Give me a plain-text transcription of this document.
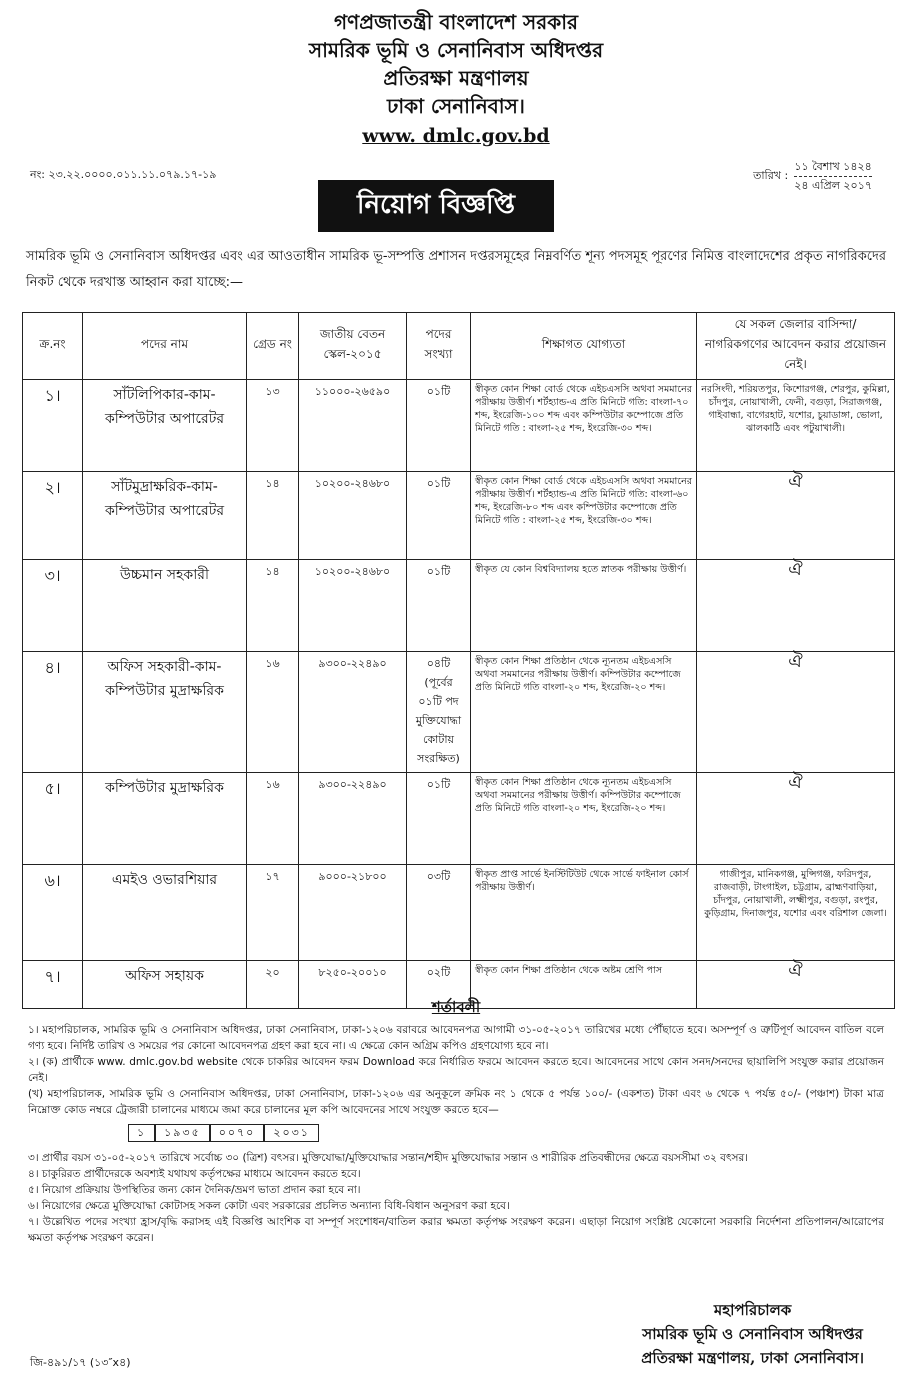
গণপ্রজাতন্ত্রী বাংলাদেশ সরকার
সামরিক ভূমি ও সেনানিবাস অধিদপ্তর
প্রতিরক্ষা মন্ত্রণালয়
ঢাকা সেনানিবাস।
www. dmlc.gov.bd
নং: ২৩.২২.০০০০.০১১.১১.০৭৯.১৭-১৯	তারিখ :
১১ বৈশাখ ১৪২৪
২৪ এপ্রিল ২০১৭
নিয়োগ বিজ্ঞপ্তি
সামরিক ভূমি ও সেনানিবাস অধিদপ্তর এবং এর আওতাধীন সামরিক ভূ-সম্পত্তি প্রশাসন দপ্তরসমূহের নিম্নবর্ণিত শূন্য পদসমূহ পূরণের নিমিত্ত বাংলাদেশের প্রকৃত নাগরিকদের নিকট থেকে দরখাস্ত আহ্বান করা যাচ্ছে:—
ক্র.নং	পদের নাম	গ্রেড নং	জাতীয় বেতন স্কেল-২০১৫	পদের সংখ্যা	শিক্ষাগত যোগ্যতা	যে সকল জেলার বাসিন্দা/ নাগরিকগণের আবেদন করার প্রয়োজন নেই।
১।	সাঁটলিপিকার-কাম-কম্পিউটার অপারেটর	১৩	১১০০০-২৬৫৯০	০১টি	স্বীকৃত কোন শিক্ষা বোর্ড থেকে এইচএসসি অথবা সমমানের পরীক্ষায় উত্তীর্ণ। শর্টহ্যান্ড-এ প্রতি মিনিটে গতি: বাংলা-৭০ শব্দ, ইংরেজি-১০০ শব্দ এবং কম্পিউটার কম্পোজে প্রতি মিনিটে গতি : বাংলা-২৫ শব্দ, ইংরেজি-৩০ শব্দ।	নরসিংদী, শরিয়তপুর, কিশোরগঞ্জ, শেরপুর, কুমিল্লা, চাঁদপুর, নোয়াখালী, ফেনী, বগুড়া, সিরাজগঞ্জ, গাইবান্ধা, বাগেরহাট, যশোর, চুয়াডাঙ্গা, ভোলা, ঝালকাঠি এবং পটুয়াখালী।
২।	সাঁটমুদ্রাক্ষরিক-কাম-কম্পিউটার অপারেটর	১৪	১০২০০-২৪৬৮০	০১টি	স্বীকৃত কোন শিক্ষা বোর্ড থেকে এইচএসসি অথবা সমমানের পরীক্ষায় উত্তীর্ণ। শর্টহ্যান্ড-এ প্রতি মিনিটে গতি: বাংলা-৬০ শব্দ, ইংরেজি-৮০ শব্দ এবং কম্পিউটার কম্পোজে প্রতি মিনিটে গতি : বাংলা-২৫ শব্দ, ইংরেজি-৩০ শব্দ।	ঐ
৩।	উচ্চমান সহকারী	১৪	১০২০০-২৪৬৮০	০১টি	স্বীকৃত যে কোন বিশ্ববিদ্যালয় হতে স্নাতক পরীক্ষায় উত্তীর্ণ।	ঐ
৪।	অফিস সহকারী-কাম-কম্পিউটার মুদ্রাক্ষরিক	১৬	৯৩০০-২২৪৯০	০৪টি (পূর্বের ০১টি পদ মুক্তিযোদ্ধা কোটায় সংরক্ষিত)	স্বীকৃত কোন শিক্ষা প্রতিষ্ঠান থেকে ন্যূনতম এইচএসসি অথবা সমমানের পরীক্ষায় উত্তীর্ণ। কম্পিউটার কম্পোজে প্রতি মিনিটে গতি বাংলা-২০ শব্দ, ইংরেজি-২০ শব্দ।	ঐ
৫।	কম্পিউটার মুদ্রাক্ষরিক	১৬	৯৩০০-২২৪৯০	০১টি	স্বীকৃত কোন শিক্ষা প্রতিষ্ঠান থেকে ন্যূনতম এইচএসসি অথবা সমমানের পরীক্ষায় উত্তীর্ণ। কম্পিউটার কম্পোজে প্রতি মিনিটে গতি বাংলা-২০ শব্দ, ইংরেজি-২০ শব্দ।	ঐ
৬।	এমইও ওভারশিয়ার	১৭	৯০০০-২১৮০০	০৩টি	স্বীকৃত প্রাপ্ত সার্ভে ইনস্টিটিউট থেকে সার্ভে ফাইনাল কোর্স পরীক্ষায় উত্তীর্ণ।	গাজীপুর, মানিকগঞ্জ, মুন্সিগঞ্জ, ফরিদপুর, রাজবাড়ী, টাংগাইল, চট্টগ্রাম, ব্রাহ্মণবাড়িয়া, চাঁদপুর, নোয়াখালী, লক্ষ্মীপুর, বগুড়া, রংপুর, কুড়িগ্রাম, দিনাজপুর, যশোর এবং বরিশাল জেলা।
৭।	অফিস সহায়ক	২০	৮২৫০-২০০১০	০২টি	স্বীকৃত কোন শিক্ষা প্রতিষ্ঠান থেকে অষ্টম শ্রেণি পাস	ঐ
শর্তাবলী

১। মহাপরিচালক, সামরিক ভূমি ও সেনানিবাস অধিদপ্তর, ঢাকা সেনানিবাস, ঢাকা-১২০৬ বরাবরে আবেদনপত্র আগামী ৩১-০৫-২০১৭ তারিখের মধ্যে পৌঁছাতে হবে। অসম্পূর্ণ ও ত্রুটিপূর্ণ আবেদন বাতিল বলে গণ্য হবে। নির্দিষ্ট তারিখ ও সময়ের পর কোনো আবেদনপত্র গ্রহণ করা হবে না। এ ক্ষেত্রে কোন অগ্রিম কপিও গ্রহণযোগ্য হবে না।

২। (ক) প্রার্থীকে www. dmlc.gov.bd website থেকে চাকরির আবেদন ফরম Download করে নির্ধারিত ফরমে আবেদন করতে হবে। আবেদনের সাথে কোন সনদ/সনদের ছায়ালিপি সংযুক্ত করার প্রয়োজন নেই।

(খ) মহাপরিচালক, সামরিক ভূমি ও সেনানিবাস অধিদপ্তর, ঢাকা সেনানিবাস, ঢাকা-১২০৬ এর অনুকূলে ক্রমিক নং ১ থেকে ৫ পর্যন্ত ১০০/- (একশত) টাকা এবং ৬ থেকে ৭ পর্যন্ত ৫০/- (পঞ্চাশ) টাকা মাত্র নিম্নোক্ত কোড নম্বরে ট্রেজারী চালানের মাধ্যমে জমা করে চালানের মূল কপি আবেদনের সাথে সংযুক্ত করতে হবে—

১	১৯৩৫	০০৭০	২০৩১

৩। প্রার্থীর বয়স ৩১-০৫-২০১৭ তারিখে সর্বোচ্চ ৩০ (ত্রিশ) বৎসর। মুক্তিযোদ্ধা/মুক্তিযোদ্ধার সন্তান/শহীদ মুক্তিযোদ্ধার সন্তান ও শারীরিক প্রতিবন্ধীদের ক্ষেত্রে বয়সসীমা ৩২ বৎসর।

৪। চাকুরিরত প্রার্থীদেরকে অবশ্যই যথাযথ কর্তৃপক্ষের মাধ্যমে আবেদন করতে হবে।

৫। নিয়োগ প্রক্রিয়ায় উপস্থিতির জন্য কোন দৈনিক/ভ্রমণ ভাতা প্রদান করা হবে না।

৬। নিয়োগের ক্ষেত্রে মুক্তিযোদ্ধা কোটাসহ সকল কোটা এবং সরকারের প্রচলিত অন্যান্য বিধি-বিধান অনুসরণ করা হবে।

৭। উল্লেখিত পদের সংখ্যা হ্রাস/বৃদ্ধি করাসহ এই বিজ্ঞপ্তি আংশিক বা সম্পূর্ণ সংশোধন/বাতিল করার ক্ষমতা কর্তৃপক্ষ সংরক্ষণ করেন। এছাড়া নিয়োগ সংশ্লিষ্ট যেকোনো সরকারি নির্দেশনা প্রতিপালন/আরোপের ক্ষমতা কর্তৃপক্ষ সংরক্ষণ করেন।

মহাপরিচালক
সামরিক ভূমি ও সেনানিবাস অধিদপ্তর
প্রতিরক্ষা মন্ত্রণালয়, ঢাকা সেনানিবাস।
জি-৪৯১/১৭ (১৩″x৪)
